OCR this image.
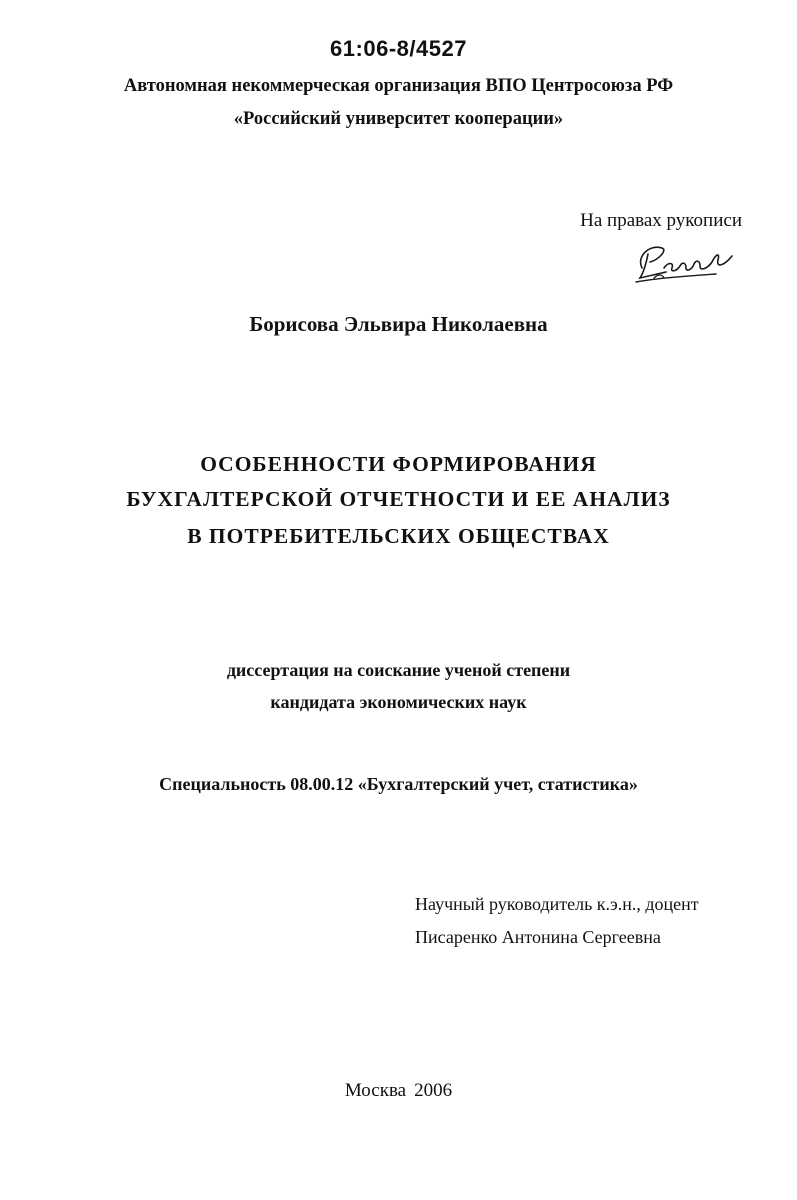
61:06-8/4527
Автономная некоммерческая организация ВПО Центросоюза РФ
«Российский университет кооперации»
На правах рукописи
Борисова Эльвира Николаевна
ОСОБЕННОСТИ ФОРМИРОВАНИЯ
БУХГАЛТЕРСКОЙ ОТЧЕТНОСТИ И ЕЕ АНАЛИЗ
В ПОТРЕБИТЕЛЬСКИХ ОБЩЕСТВАХ
диссертация на соискание ученой степени
кандидата экономических наук
Специальность 08.00.12 «Бухгалтерский учет, статистика»
Научный руководитель к.э.н., доцент
Писаренко Антонина Сергеевна
Москва 2006
